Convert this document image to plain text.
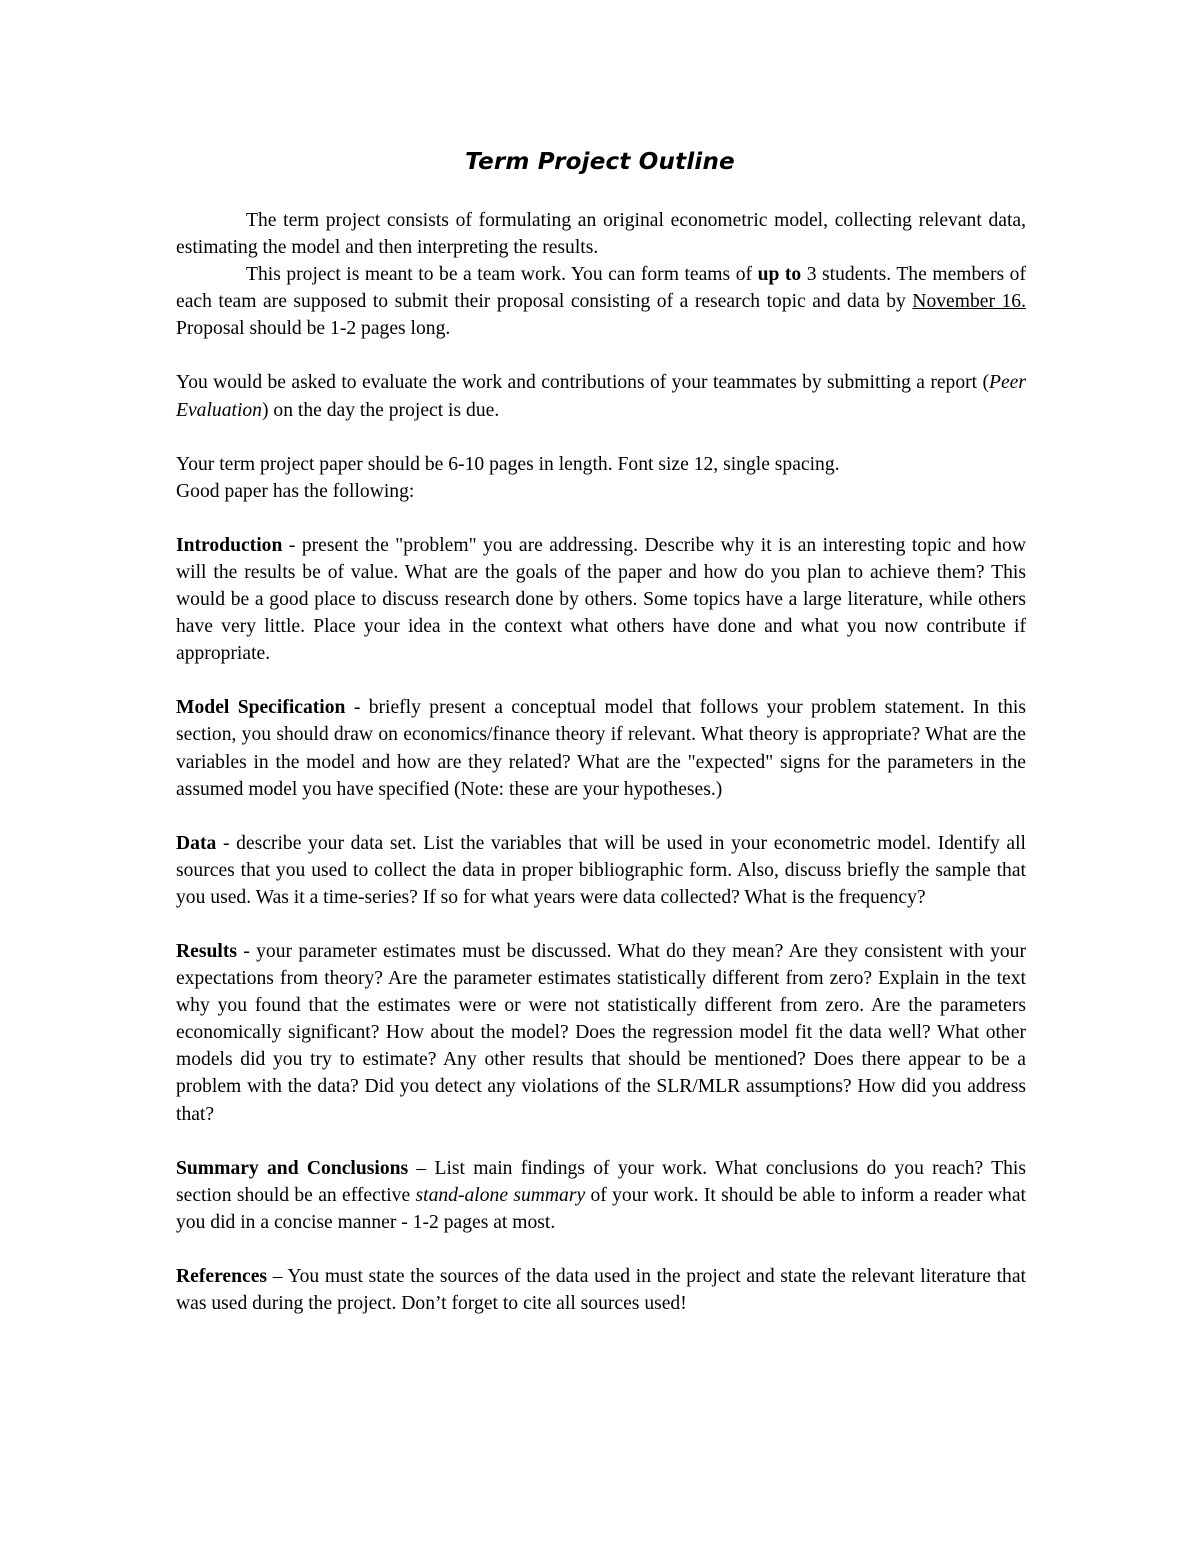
Term Project Outline

The term project consists of formulating an original econometric model, collecting relevant data, estimating the model and then interpreting the results.

This project is meant to be a team work. You can form teams of up to 3 students. The members of each team are supposed to submit their proposal consisting of a research topic and data by November 16. Proposal should be 1-2 pages long.

You would be asked to evaluate the work and contributions of your teammates by submitting a report (Peer Evaluation) on the day the project is due.

Your term project paper should be 6-10 pages in length. Font size 12, single spacing.
Good paper has the following:

Introduction - present the "problem" you are addressing. Describe why it is an interesting topic and how will the results be of value. What are the goals of the paper and how do you plan to achieve them? This would be a good place to discuss research done by others. Some topics have a large literature, while others have very little. Place your idea in the context what others have done and what you now contribute if appropriate.

Model Specification - briefly present a conceptual model that follows your problem statement. In this section, you should draw on economics/finance theory if relevant. What theory is appropriate? What are the variables in the model and how are they related? What are the "expected" signs for the parameters in the assumed model you have specified (Note: these are your hypotheses.)

Data - describe your data set. List the variables that will be used in your econometric model. Identify all sources that you used to collect the data in proper bibliographic form. Also, discuss briefly the sample that you used. Was it a time-series? If so for what years were data collected? What is the frequency?

Results - your parameter estimates must be discussed. What do they mean? Are they consistent with your expectations from theory? Are the parameter estimates statistically different from zero? Explain in the text why you found that the estimates were or were not statistically different from zero. Are the parameters economically significant? How about the model? Does the regression model fit the data well? What other models did you try to estimate? Any other results that should be mentioned? Does there appear to be a problem with the data? Did you detect any violations of the SLR/MLR assumptions? How did you address that?

Summary and Conclusions – List main findings of your work. What conclusions do you reach? This section should be an effective stand-alone summary of your work. It should be able to inform a reader what you did in a concise manner - 1-2 pages at most.

References – You must state the sources of the data used in the project and state the relevant literature that was used during the project. Don’t forget to cite all sources used!
